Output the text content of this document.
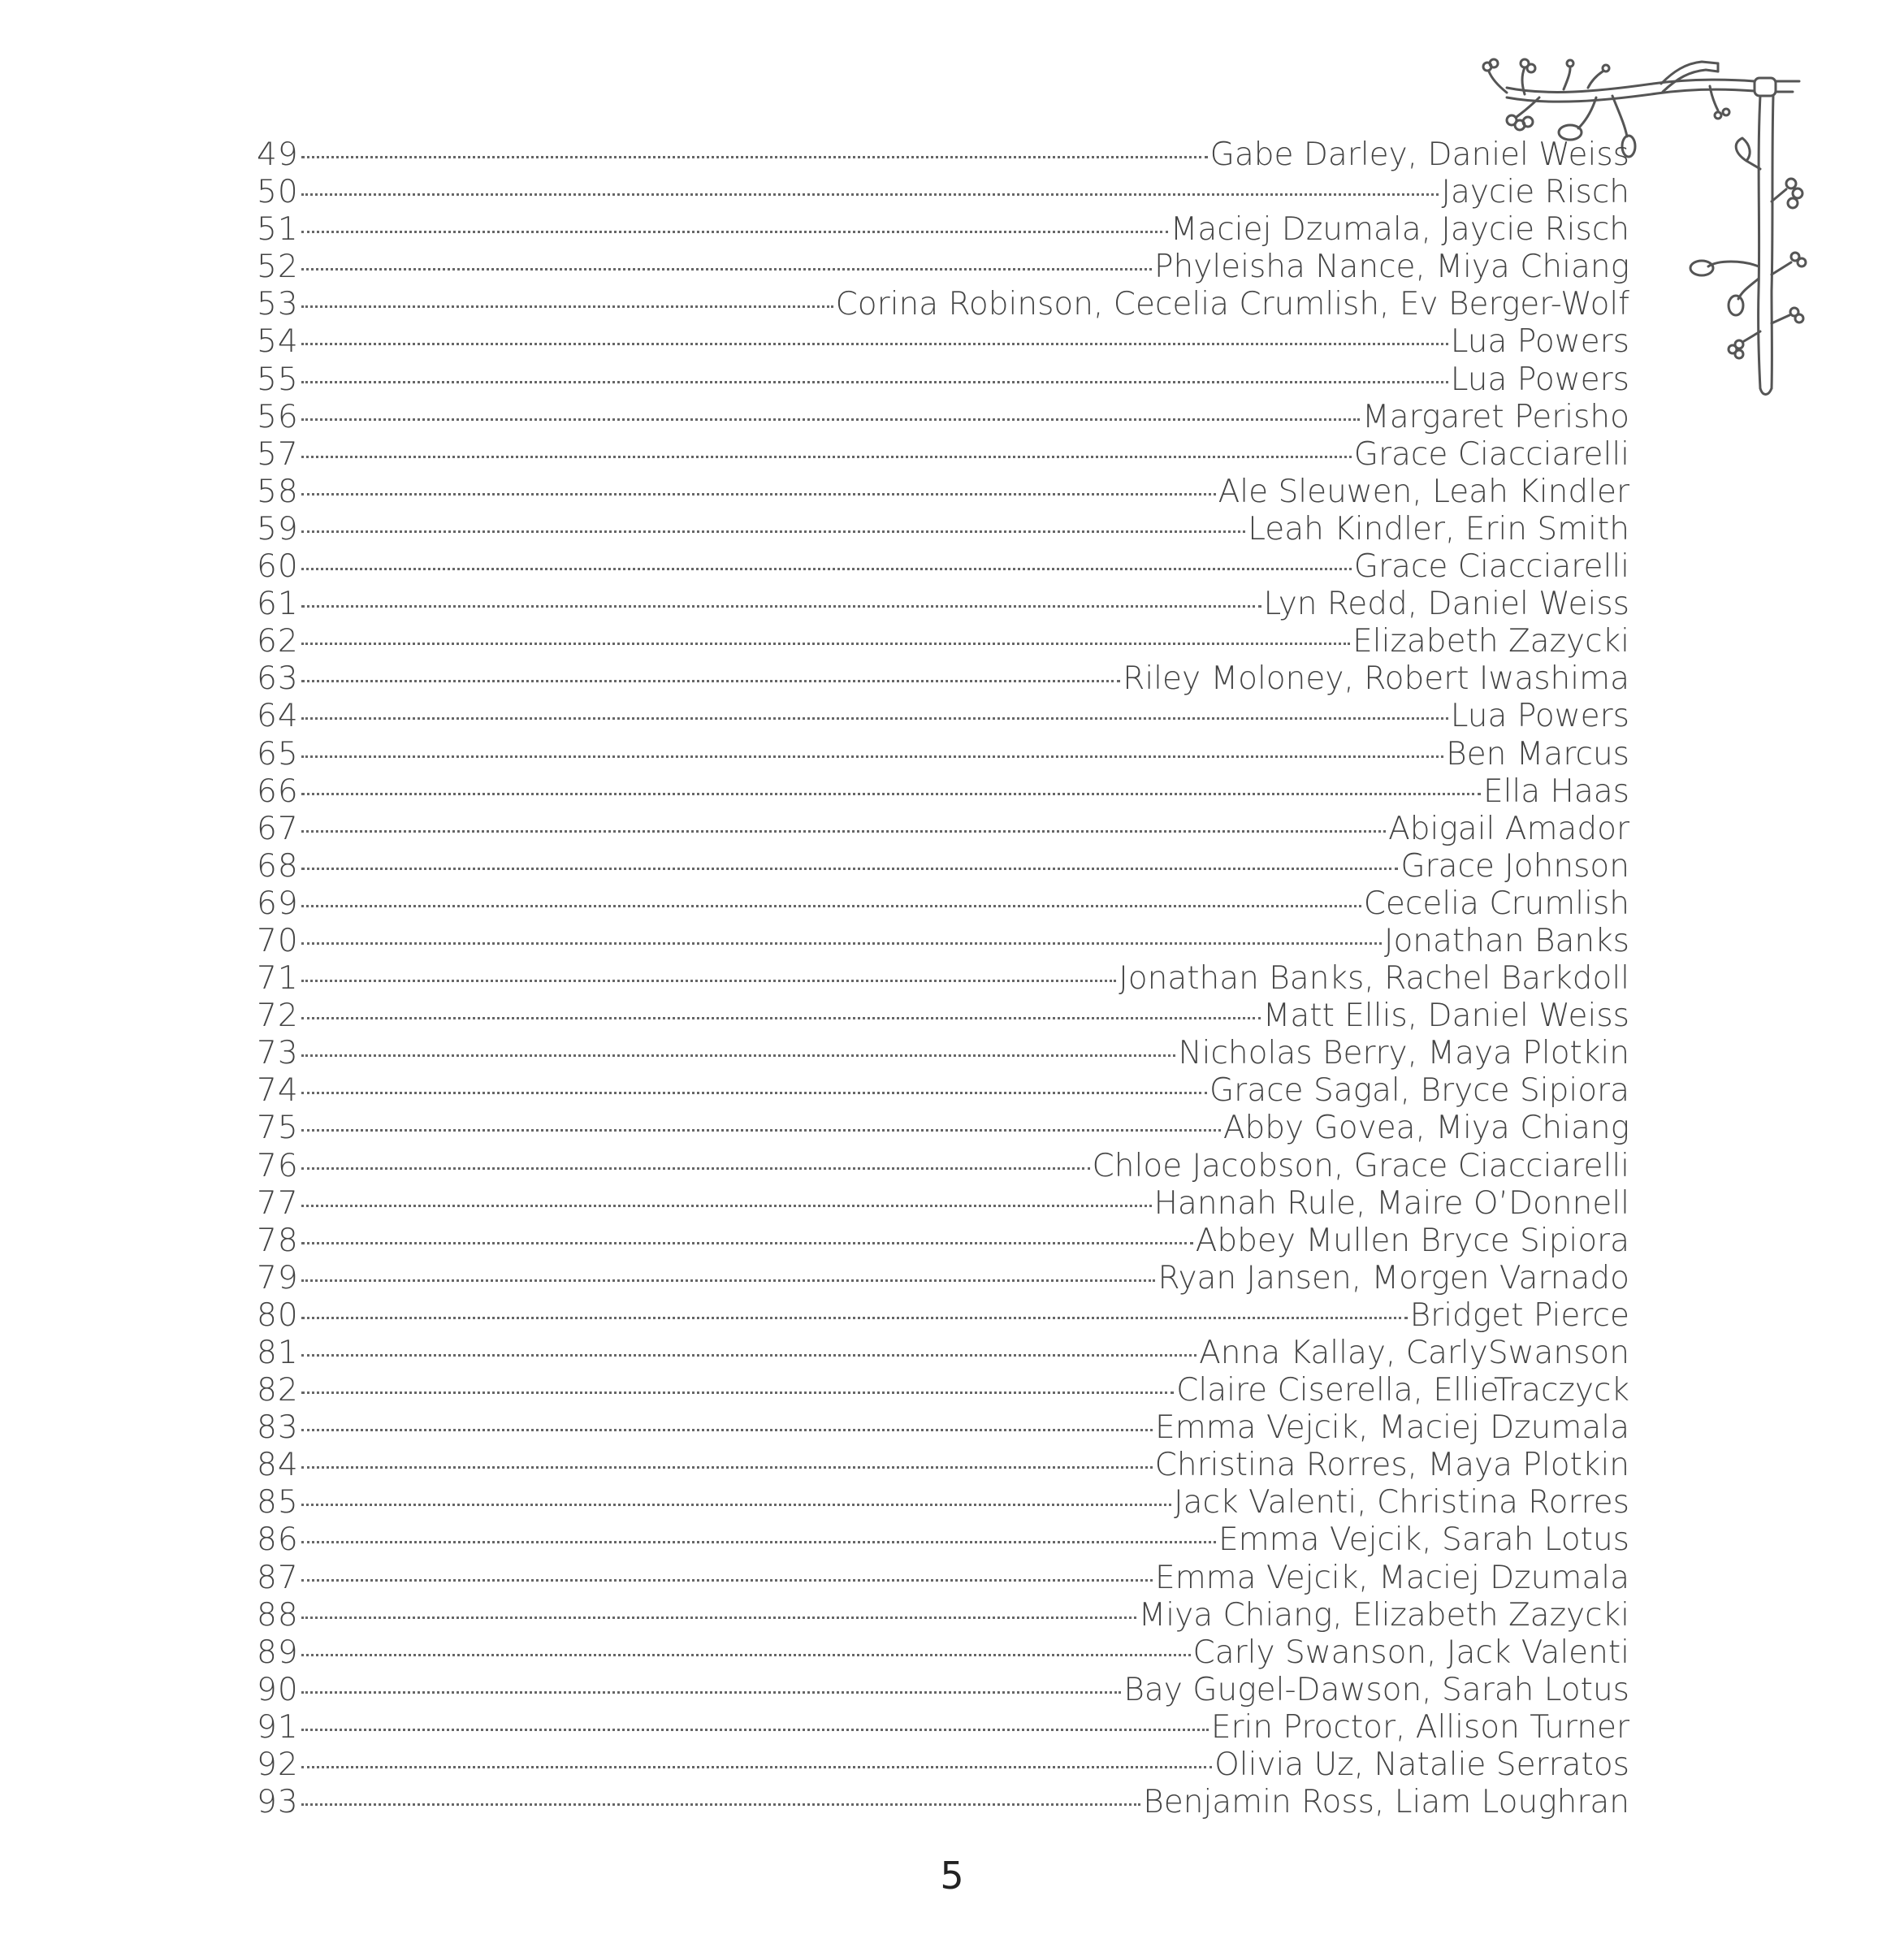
49	Gabe Darley, Daniel Weiss
50	Jaycie Risch
51	Maciej Dzumala, Jaycie Risch
52	Phyleisha Nance, Miya Chiang
53	Corina Robinson, Cecelia Crumlish, Ev Berger-Wolf
54	Lua Powers
55	Lua Powers
56	Margaret Perisho
57	Grace Ciacciarelli
58	Ale Sleuwen, Leah Kindler
59	Leah Kindler, Erin Smith
60	Grace Ciacciarelli
61	Lyn Redd, Daniel Weiss
62	Elizabeth Zazycki
63	Riley Moloney, Robert Iwashima
64	Lua Powers
65	Ben Marcus
66	Ella Haas
67	Abigail Amador
68	Grace Johnson
69	Cecelia Crumlish
70	Jonathan Banks
71	Jonathan Banks, Rachel Barkdoll
72	Matt Ellis, Daniel Weiss
73	Nicholas Berry, Maya Plotkin
74	Grace Sagal, Bryce Sipiora
75	Abby Govea, Miya Chiang
76	Chloe Jacobson, Grace Ciacciarelli
77	Hannah Rule, Maire O’Donnell
78	Abbey Mullen Bryce Sipiora
79	Ryan Jansen, Morgen Varnado
80	Bridget Pierce
81	Anna Kallay, CarlySwanson
82	Claire Ciserella, EllieTraczyck
83	Emma Vejcik, Maciej Dzumala
84	Christina Rorres, Maya Plotkin
85	Jack Valenti, Christina Rorres
86	Emma Vejcik, Sarah Lotus
87	Emma Vejcik, Maciej Dzumala
88	Miya Chiang, Elizabeth Zazycki
89	Carly Swanson, Jack Valenti
90	Bay Gugel-Dawson, Sarah Lotus
91	Erin Proctor, Allison Turner
92	Olivia Uz, Natalie Serratos
93	Benjamin Ross, Liam Loughran
5
